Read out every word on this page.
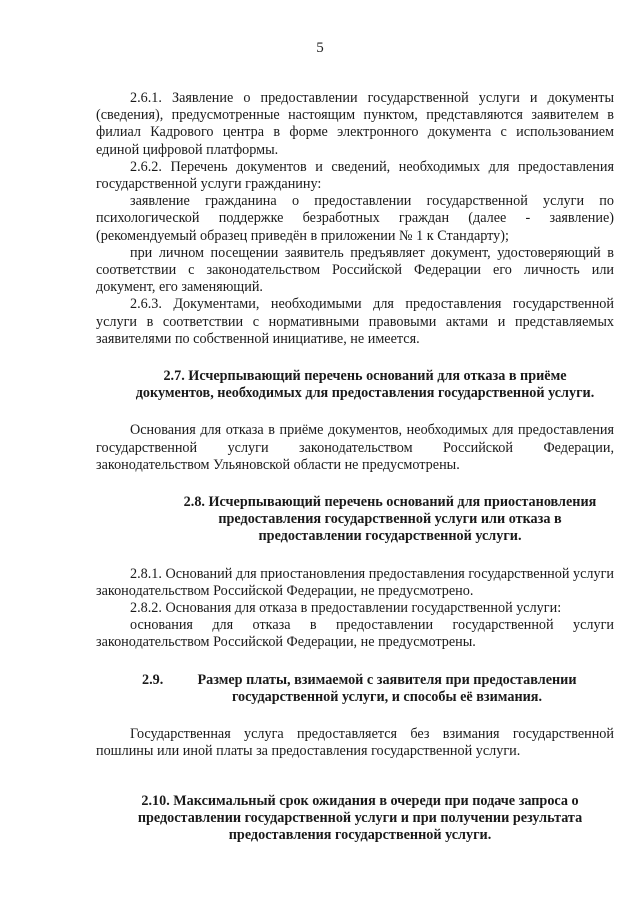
5

2.6.1. Заявление о предоставлении государственной услуги и документы (сведения), предусмотренные настоящим пунктом, представляются заявителем в филиал Кадрового центра в форме электронного документа с использованием единой цифровой платформы.

2.6.2. Перечень документов и сведений, необходимых для предоставления государственной услуги гражданину:

заявление гражданина о предоставлении государственной услуги по психологической поддержке безработных граждан (далее - заявление) (рекомендуемый образец приведён в приложении № 1 к Стандарту);

при личном посещении заявитель предъявляет документ, удостоверяющий в соответствии с законодательством Российской Федерации его личность или документ, его заменяющий.

2.6.3. Документами, необходимыми для предоставления государственной услуги в соответствии с нормативными правовыми актами и представляемых заявителями по собственной инициативе, не имеется.

2.7. Исчерпывающий перечень оснований для отказа в приёме документов, необходимых для предоставления государственной услуги.

Основания для отказа в приёме документов, необходимых для предоставления государственной услуги законодательством Российской Федерации, законодательством Ульяновской области не предусмотрены.

2.8. Исчерпывающий перечень оснований для приостановления предоставления государственной услуги или отказа в предоставлении государственной услуги.

2.8.1. Оснований для приостановления предоставления государственной услуги законодательством Российской Федерации, не предусмотрено.

2.8.2. Основания для отказа в предоставлении государственной услуги:

основания для отказа в предоставлении государственной услуги законодательством Российской Федерации, не предусмотрены.

2.9.	Размер платы, взимаемой с заявителя при предоставлении государственной услуги, и способы её взимания.

Государственная услуга предоставляется без взимания государственной пошлины или иной платы за предоставления государственной услуги.

2.10. Максимальный срок ожидания в очереди при подаче запроса о предоставлении государственной услуги и при получении результата предоставления государственной услуги.
